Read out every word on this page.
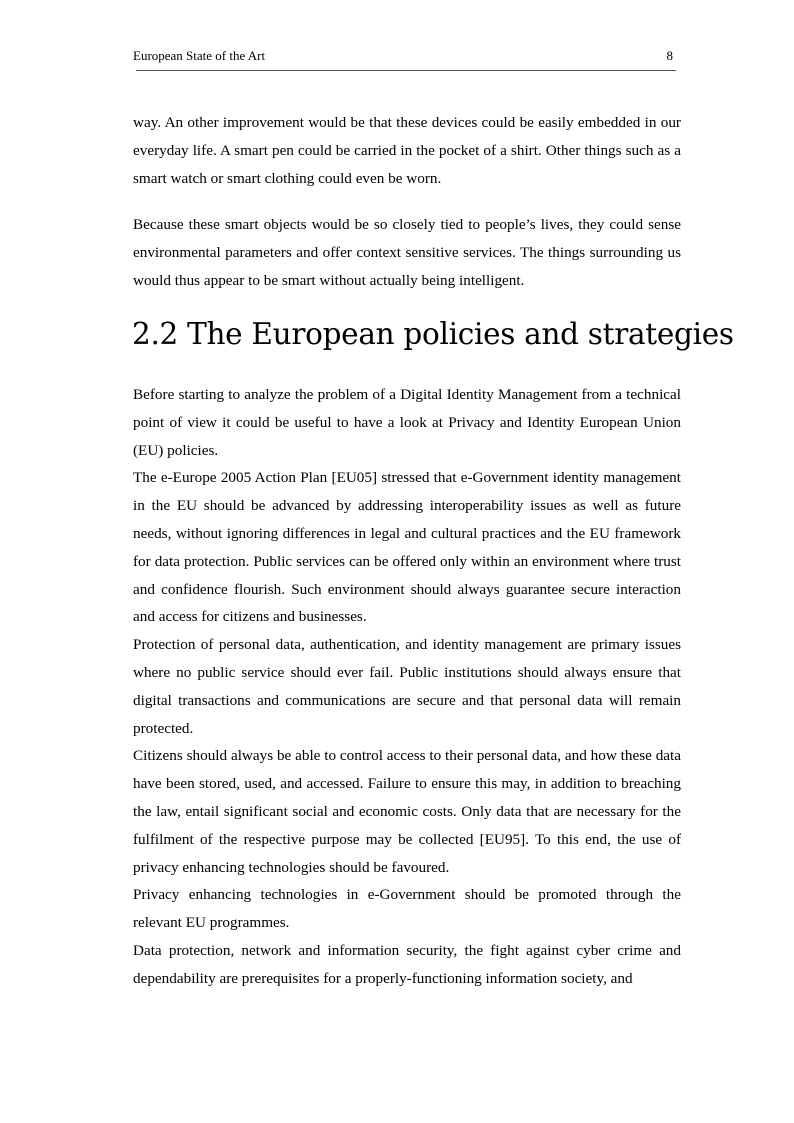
European State of the Art	8

way. An other improvement would be that these devices could be easily embedded in our everyday life. A smart pen could be carried in the pocket of a shirt. Other things such as a smart watch or smart clothing could even be worn.

Because these smart objects would be so closely tied to people’s lives, they could sense environmental parameters and offer context sensitive services. The things surrounding us would thus appear to be smart without actually being intelligent.

2.2 The European policies and strategies

Before starting to analyze the problem of a Digital Identity Management from a technical point of view it could be useful to have a look at Privacy and Identity European Union (EU) policies.

The e-Europe 2005 Action Plan [EU05] stressed that e-Government identity management in the EU should be advanced by addressing interoperability issues as well as future needs, without ignoring differences in legal and cultural practices and the EU framework for data protection. Public services can be offered only within an environment where trust and confidence flourish. Such environment should always guarantee secure interaction and access for citizens and businesses.

Protection of personal data, authentication, and identity management are primary issues where no public service should ever fail. Public institutions should always ensure that digital transactions and communications are secure and that personal data will remain protected.

Citizens should always be able to control access to their personal data, and how these data have been stored, used, and accessed. Failure to ensure this may, in addition to breaching the law, entail significant social and economic costs. Only data that are necessary for the fulfilment of the respective purpose may be collected [EU95]. To this end, the use of privacy enhancing technologies should be favoured.

Privacy enhancing technologies in e-Government should be promoted through the relevant EU programmes.

Data protection, network and information security, the fight against cyber crime and dependability are prerequisites for a properly-functioning information society, and
